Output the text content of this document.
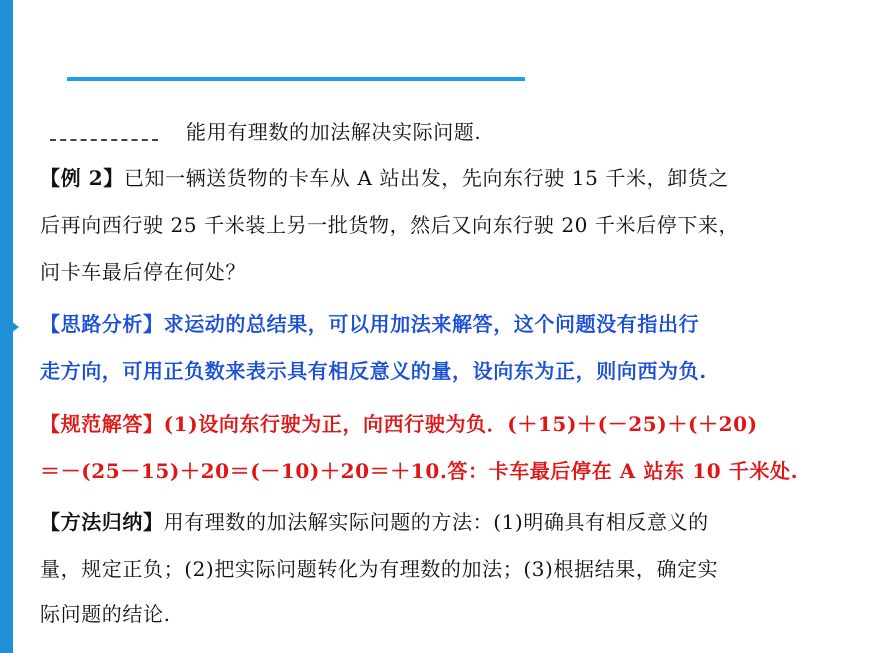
能用有理数的加法解决实际问题.
【例 2】已知一辆送货物的卡车从 A 站出发，先向东行驶 15 千米，卸货之
后再向西行驶 25 千米装上另一批货物，然后又向东行驶 20 千米后停下来，
问卡车最后停在何处？
【思路分析】求运动的总结果，可以用加法来解答，这个问题没有指出行
走方向，可用正负数来表示具有相反意义的量，设向东为正，则向西为负.
【规范解答】(1)设向东行驶为正，向西行驶为负．(＋15)＋(－25)＋(＋20)
＝－(25－15)＋20＝(－10)＋20＝＋10.答：卡车最后停在 A 站东 10 千米处.
【方法归纳】用有理数的加法解实际问题的方法：(1)明确具有相反意义的
量，规定正负；(2)把实际问题转化为有理数的加法；(3)根据结果，确定实
际问题的结论.
